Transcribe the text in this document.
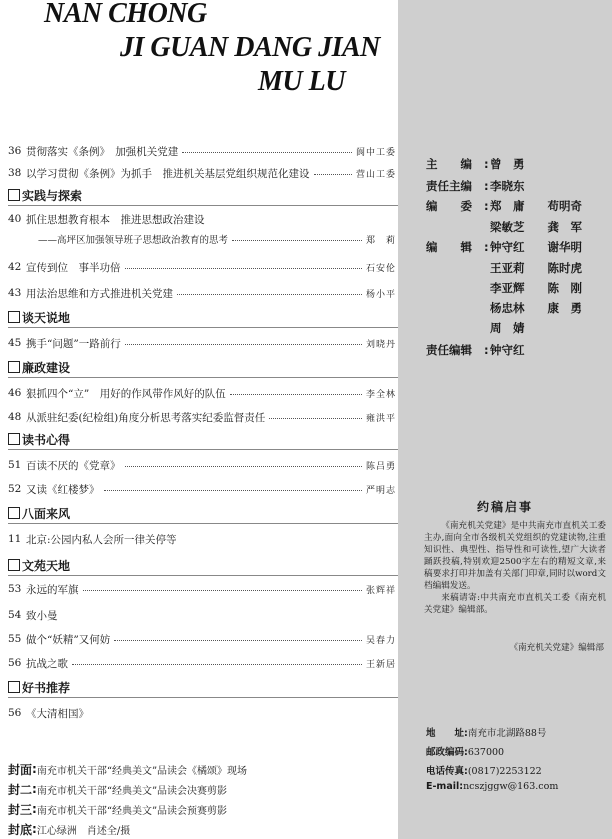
NAN CHONG
JI GUAN DANG JIAN
MU LU
36 贯彻落实《条例》　加强机关党建	阆中工委
38 以学习贯彻《条例》为抓手　推进机关基层党组织规范化建设	营山工委
实践与探索
40 抓住思想教育根本　推进思想政治建设
——高坪区加强领导班子思想政治教育的思考	郑　莉
42 宣传到位　事半功倍	石安伦
43 用法治思维和方式推进机关党建	杨小平
谈天说地
45 携手“问题”一路前行	刘晓丹
廉政建设
46 狠抓四个“立”　用好的作风带作风好的队伍	李全林
48 从派驻纪委(纪检组)角度分析思考落实纪委监督责任	雍洪平
读书心得
51 百读不厌的《党章》	陈吕勇
52 又读《红楼梦》	严明志
八面来风
11 北京:公园内私人会所一律关停等
文苑天地
53 永远的军旗	张辉祥
54 致小曼
55 做个“妖精”又何妨	吴春力
56 抗战之歌	王新居
好书推荐
56 《大清相国》
封面 : 南充市机关干部“经典美文”品读会《橘颂》现场
封二 : 南充市机关干部“经典美文”品读会决赛剪影
封三 : 南充市机关干部“经典美文”品读会预赛剪影
封底 : 江心绿洲　肖述全/摄
主　　编 :曾　勇
责任主编 :李晓东
编　　委 :郑　庸　　苟明奇
梁敏芝　　龚　军
编　　辑 :钟守红　　谢华明
王亚莉　　陈时虎
李亚辉　　陈　刚
杨忠林　　康　勇
周　婧
责任编辑 :钟守红
约稿启事

《南充机关党建》是中共南充市直机关工委主办,面向全市各级机关党组织的党建读物,注重知识性、典型性、指导性和可读性,望广大读者踊跃投稿,特别欢迎2500字左右的精短文章,来稿要求打印并加盖有关部门印章,同时以word文档编辑发送。

来稿请寄:中共南充市直机关工委《南充机关党建》编辑部。

《南充机关党建》编辑部
地　　址:南充市北湖路88号
邮政编码:637000
电话传真:(0817)2253122
E-mail:ncszjggw@163.com
